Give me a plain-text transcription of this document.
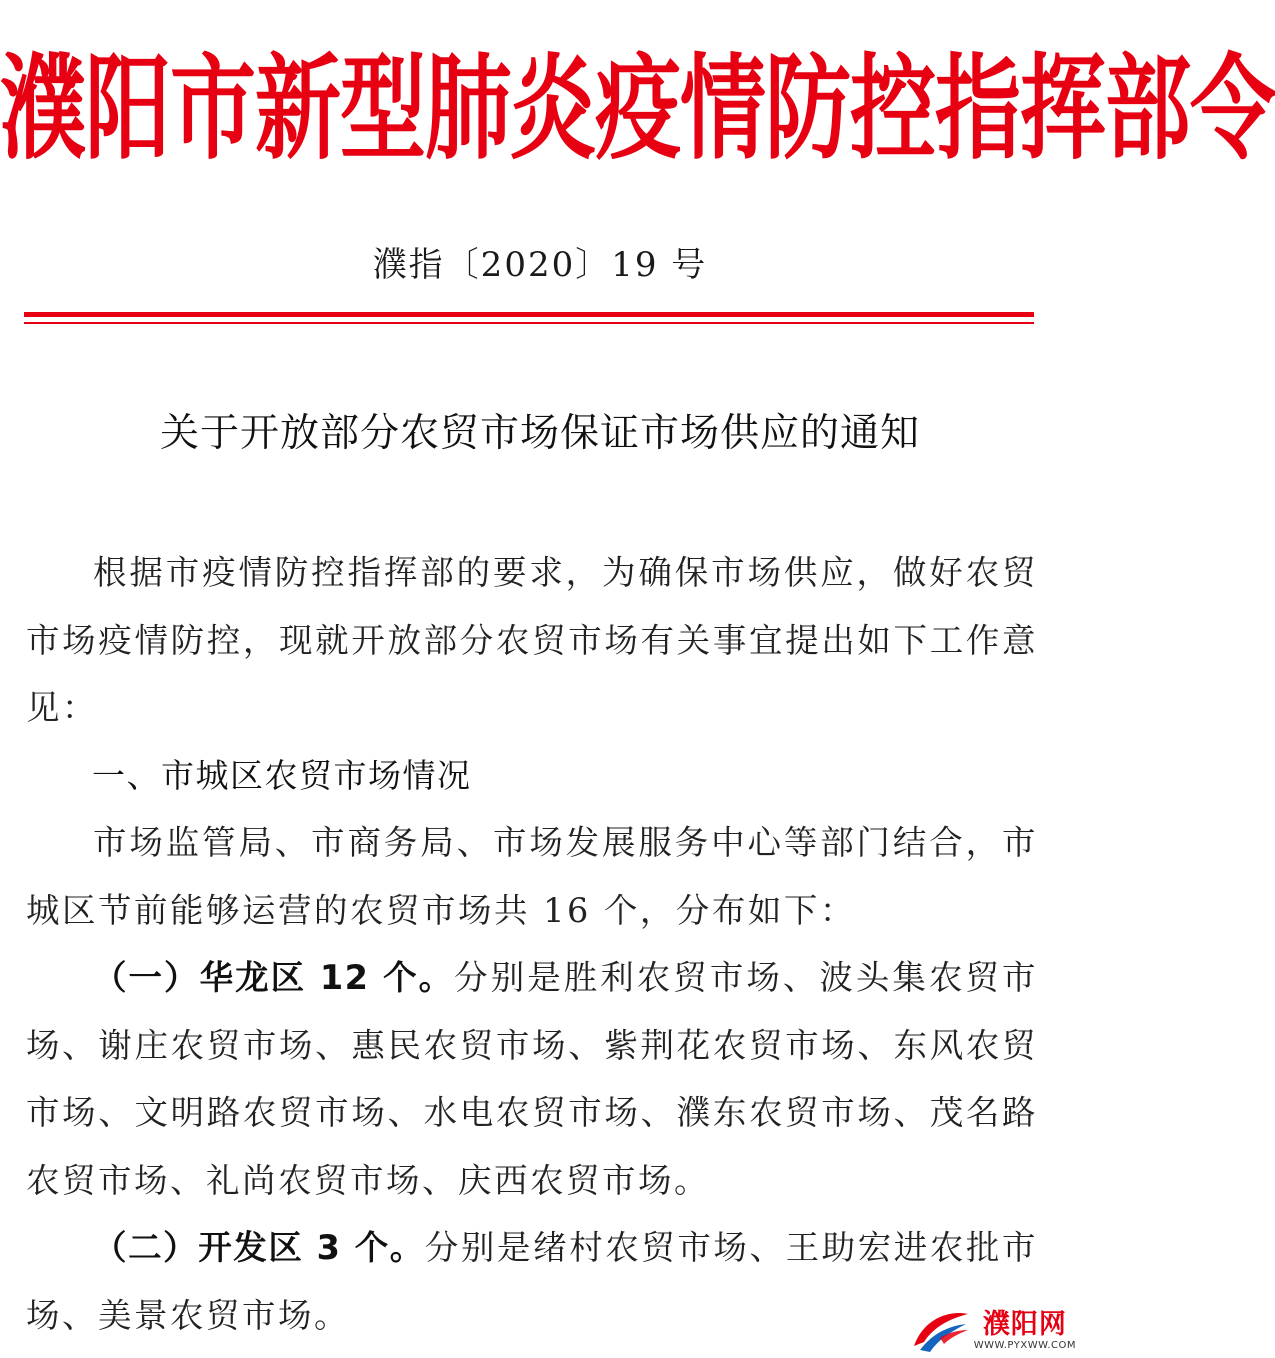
濮阳市新型肺炎疫情防控指挥部令
濮指〔2020〕19 号
关于开放部分农贸市场保证市场供应的通知

根据市疫情防控指挥部的要求，为确保市场供应，做好农贸市场疫情防控，现就开放部分农贸市场有关事宜提出如下工作意见：

一、市城区农贸市场情况

市场监管局、市商务局、市场发展服务中心等部门结合，市城区节前能够运营的农贸市场共 16 个，分布如下：

（一）华龙区 12 个。分别是胜利农贸市场、波头集农贸市场、谢庄农贸市场、惠民农贸市场、紫荆花农贸市场、东风农贸市场、文明路农贸市场、水电农贸市场、濮东农贸市场、茂名路农贸市场、礼尚农贸市场、庆西农贸市场。

（二）开发区 3 个。分别是绪村农贸市场、王助宏进农批市场、美景农贸市场。	濮阳网
WWW.PYXWW.COM
